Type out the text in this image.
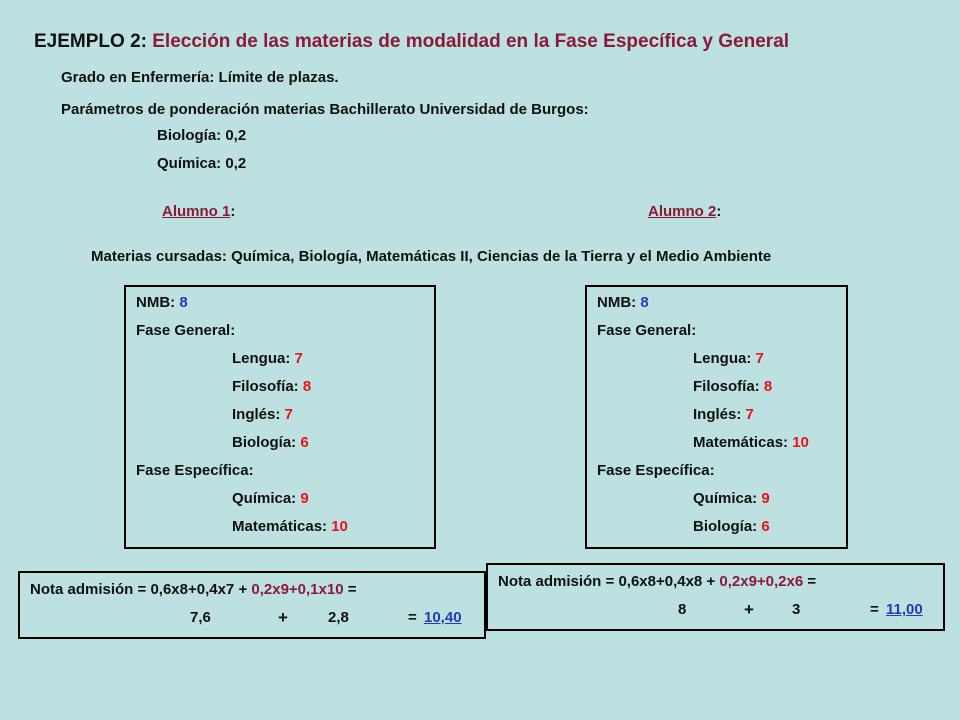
EJEMPLO 2: Elección de las materias de modalidad en la Fase Específica y General
Grado en Enfermería: Límite de plazas.
Parámetros de ponderación materias Bachillerato Universidad de Burgos:
Biología: 0,2
Química: 0,2
Alumno 1:	Alumno 2:
Materias cursadas: Química, Biología, Matemáticas II, Ciencias de la Tierra y el Medio Ambiente
NMB: 8
Fase General:
Lengua: 7
Filosofía: 8
Inglés: 7
Biología: 6
Fase Específica:
Química: 9
Matemáticas: 10
NMB: 8
Fase General:
Lengua: 7
Filosofía: 8
Inglés: 7
Matemáticas: 10
Fase Específica:
Química: 9
Biología: 6
Nota admisión = 0,6x8+0,4x7 + 0,2x9+0,1x10 =
7,6	+	2,8	= 10,40
Nota admisión = 0,6x8+0,4x8 + 0,2x9+0,2x6 =
8	+	3	= 11,00
